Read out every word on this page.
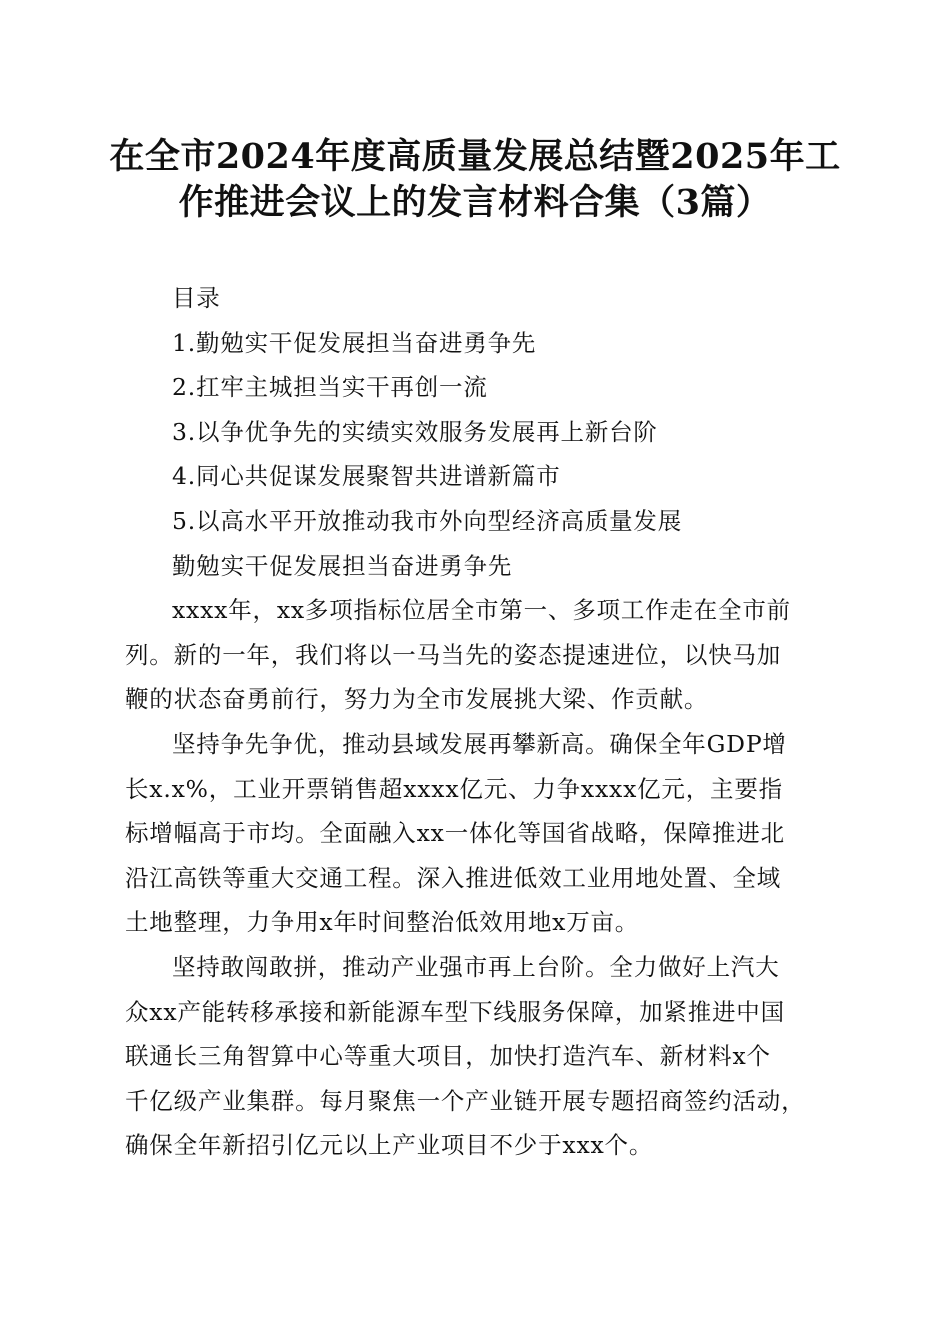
在全市2024年度高质量发展总结暨2025年工
作推进会议上的发言材料合集（3篇）
目录
1.勤勉实干促发展担当奋进勇争先
2.扛牢主城担当实干再创一流
3.以争优争先的实绩实效服务发展再上新台阶
4.同心共促谋发展聚智共进谱新篇市
5.以高水平开放推动我市外向型经济高质量发展
勤勉实干促发展担当奋进勇争先
xxxx年，xx多项指标位居全市第一、多项工作走在全市前
列。新的一年，我们将以一马当先的姿态提速进位，以快马加
鞭的状态奋勇前行，努力为全市发展挑大梁、作贡献。
坚持争先争优，推动县域发展再攀新高。确保全年GDP增
长x.x%，工业开票销售超xxxx亿元、力争xxxx亿元，主要指
标增幅高于市均。全面融入xx一体化等国省战略，保障推进北
沿江高铁等重大交通工程。深入推进低效工业用地处置、全域
土地整理，力争用x年时间整治低效用地x万亩。
坚持敢闯敢拼，推动产业强市再上台阶。全力做好上汽大
众xx产能转移承接和新能源车型下线服务保障，加紧推进中国
联通长三角智算中心等重大项目，加快打造汽车、新材料x个
千亿级产业集群。每月聚焦一个产业链开展专题招商签约活动，
确保全年新招引亿元以上产业项目不少于xxx个。
